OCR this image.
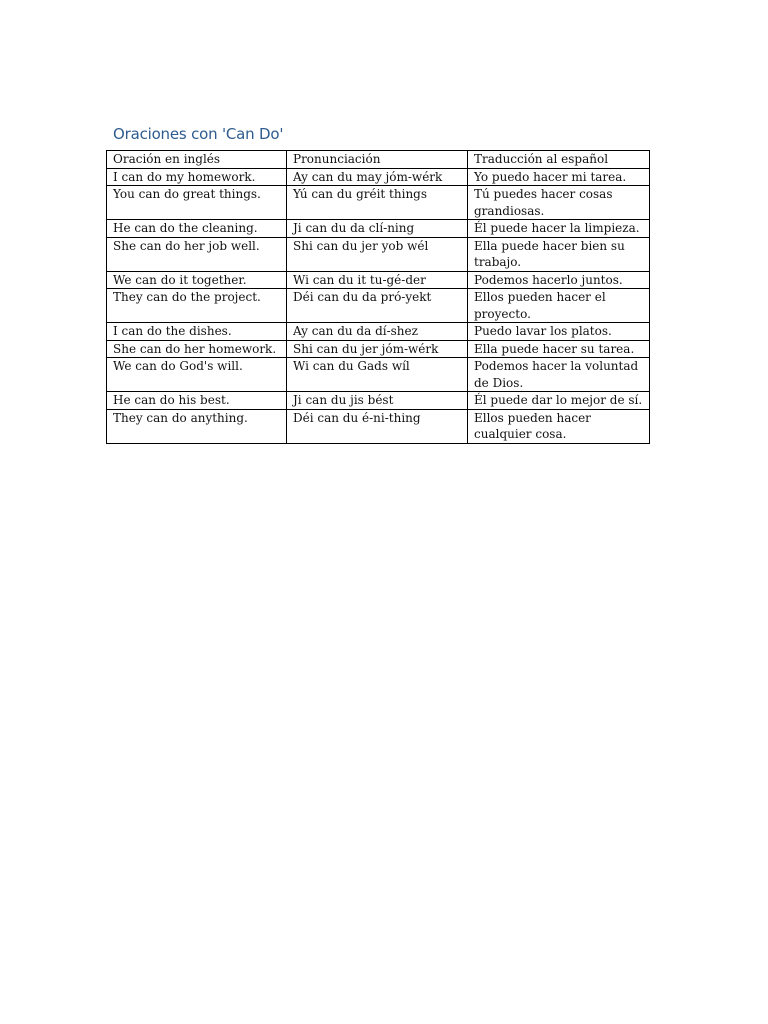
Oraciones con 'Can Do'
Oración en inglés	Pronunciación	Traducción al español
I can do my homework.	Ay can du may jóm-wérk	Yo puedo hacer mi tarea.
You can do great things.	Yú can du gréit things	Tú puedes hacer cosas grandiosas.
He can do the cleaning.	Ji can du da clí-ning	Él puede hacer la limpieza.
She can do her job well.	Shi can du jer yob wél	Ella puede hacer bien su trabajo.
We can do it together.	Wi can du it tu-gé-der	Podemos hacerlo juntos.
They can do the project.	Déi can du da pró-yekt	Ellos pueden hacer el proyecto.
I can do the dishes.	Ay can du da dí-shez	Puedo lavar los platos.
She can do her homework.	Shi can du jer jóm-wérk	Ella puede hacer su tarea.
We can do God's will.	Wi can du Gads wíl	Podemos hacer la voluntad de Dios.
He can do his best.	Ji can du jis bést	Él puede dar lo mejor de sí.
They can do anything.	Déi can du é-ni-thing	Ellos pueden hacer cualquier cosa.
